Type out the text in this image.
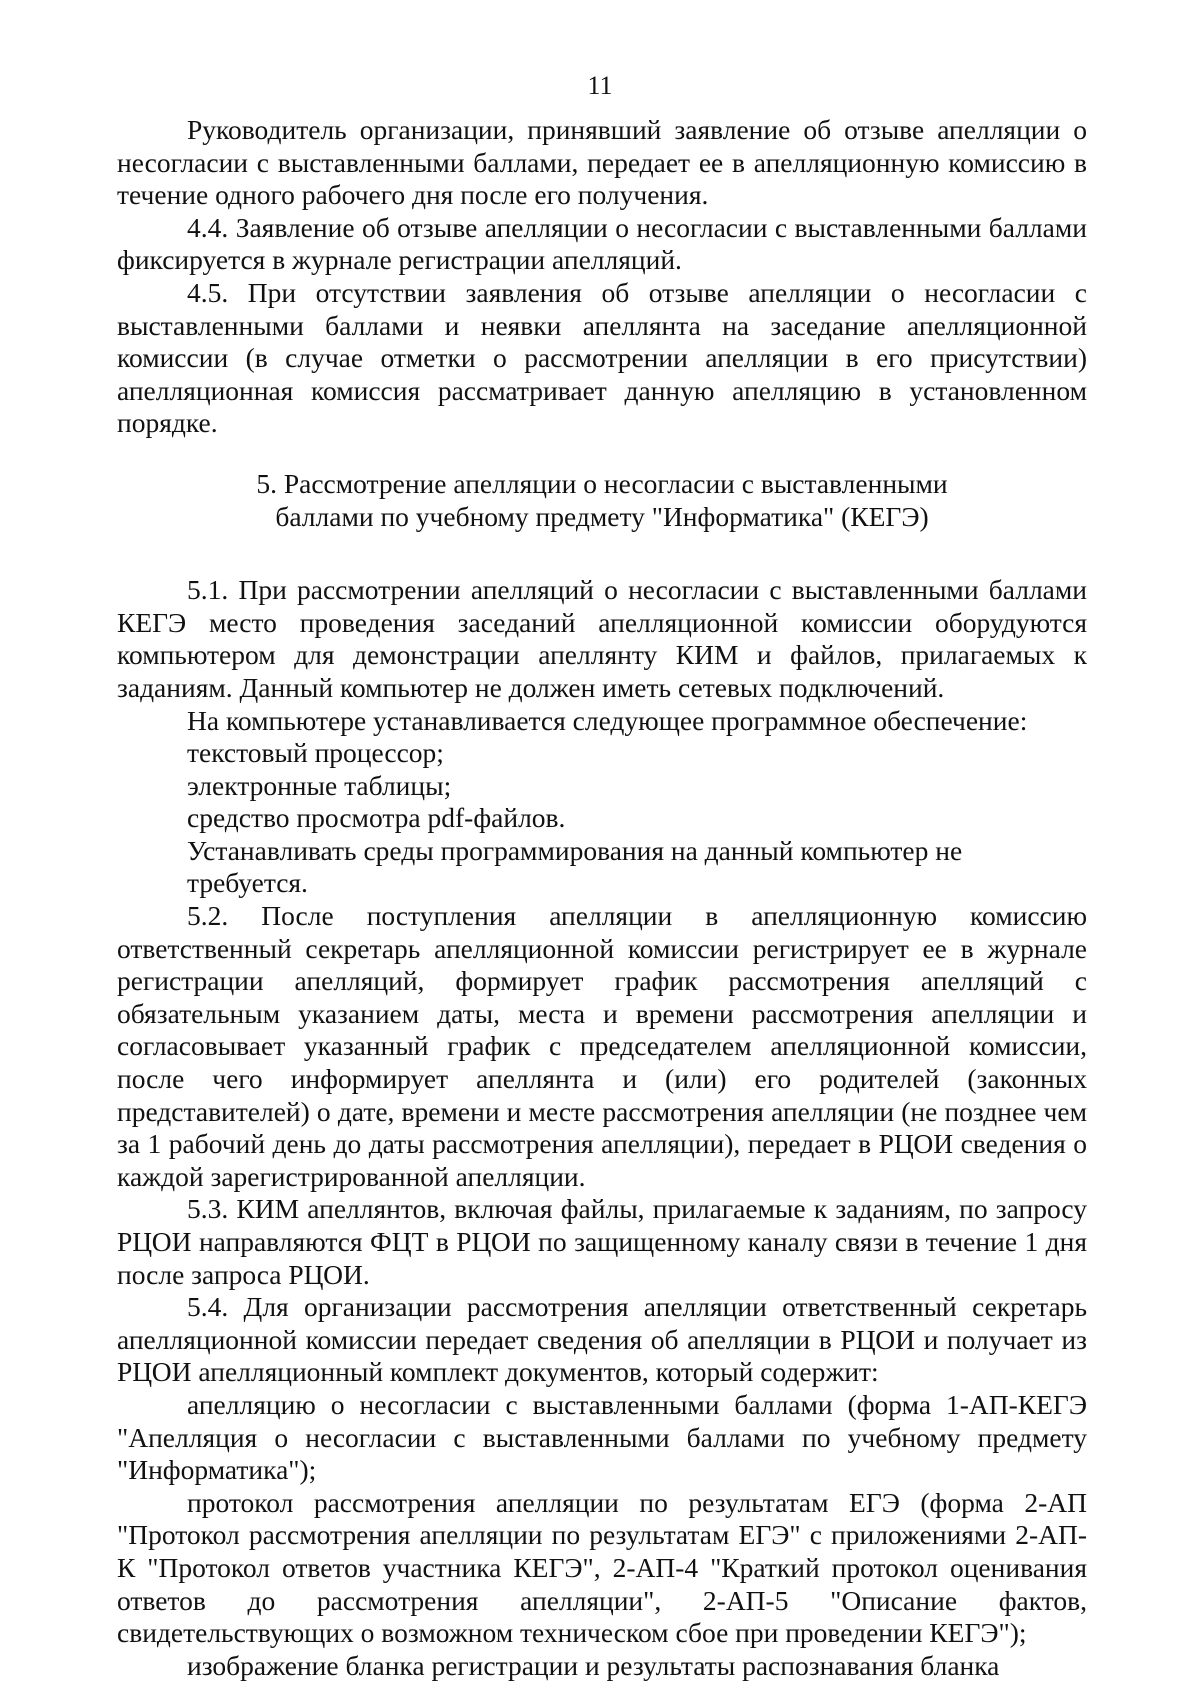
11

Руководитель организации, принявший заявление об отзыве апелляции о несогласии с выставленными баллами, передает ее в апелляционную комиссию в течение одного рабочего дня после его получения.

4.4. Заявление об отзыве апелляции о несогласии с выставленными баллами фиксируется в журнале регистрации апелляций.

4.5. При отсутствии заявления об отзыве апелляции о несогласии с выставленными баллами и неявки апеллянта на заседание апелляционной комиссии (в случае отметки о рассмотрении апелляции в его присутствии) апелляционная комиссия рассматривает данную апелляцию в установленном порядке.

5. Рассмотрение апелляции о несогласии с выставленными
баллами по учебному предмету "Информатика" (КЕГЭ)

5.1. При рассмотрении апелляций о несогласии с выставленными баллами КЕГЭ место проведения заседаний апелляционной комиссии оборудуются компьютером для демонстрации апеллянту КИМ и файлов, прилагаемых к заданиям. Данный компьютер не должен иметь сетевых подключений.

На компьютере устанавливается следующее программное обеспечение:

текстовый процессор;

электронные таблицы;

средство просмотра pdf-файлов.

Устанавливать среды программирования на данный компьютер не требуется.

5.2. После поступления апелляции в апелляционную комиссию ответственный секретарь апелляционной комиссии регистрирует ее в журнале регистрации апелляций, формирует график рассмотрения апелляций с обязательным указанием даты, места и времени рассмотрения апелляции и согласовывает указанный график с председателем апелляционной комиссии, после чего информирует апеллянта и (или) его родителей (законных представителей) о дате, времени и месте рассмотрения апелляции (не позднее чем за 1 рабочий день до даты рассмотрения апелляции), передает в РЦОИ сведения о каждой зарегистрированной апелляции.

5.3. КИМ апеллянтов, включая файлы, прилагаемые к заданиям, по запросу РЦОИ направляются ФЦТ в РЦОИ по защищенному каналу связи в течение 1 дня после запроса РЦОИ.

5.4. Для организации рассмотрения апелляции ответственный секретарь апелляционной комиссии передает сведения об апелляции в РЦОИ и получает из РЦОИ апелляционный комплект документов, который содержит:

апелляцию о несогласии с выставленными баллами (форма 1-АП-КЕГЭ "Апелляция о несогласии с выставленными баллами по учебному предмету "Информатика");

протокол рассмотрения апелляции по результатам ЕГЭ (форма 2-АП "Протокол рассмотрения апелляции по результатам ЕГЭ" с приложениями 2-АП-К "Протокол ответов участника КЕГЭ", 2-АП-4 "Краткий протокол оценивания ответов до рассмотрения апелляции", 2-АП-5 "Описание фактов, свидетельствующих о возможном техническом сбое при проведении КЕГЭ");

изображение бланка регистрации и результаты распознавания бланка
